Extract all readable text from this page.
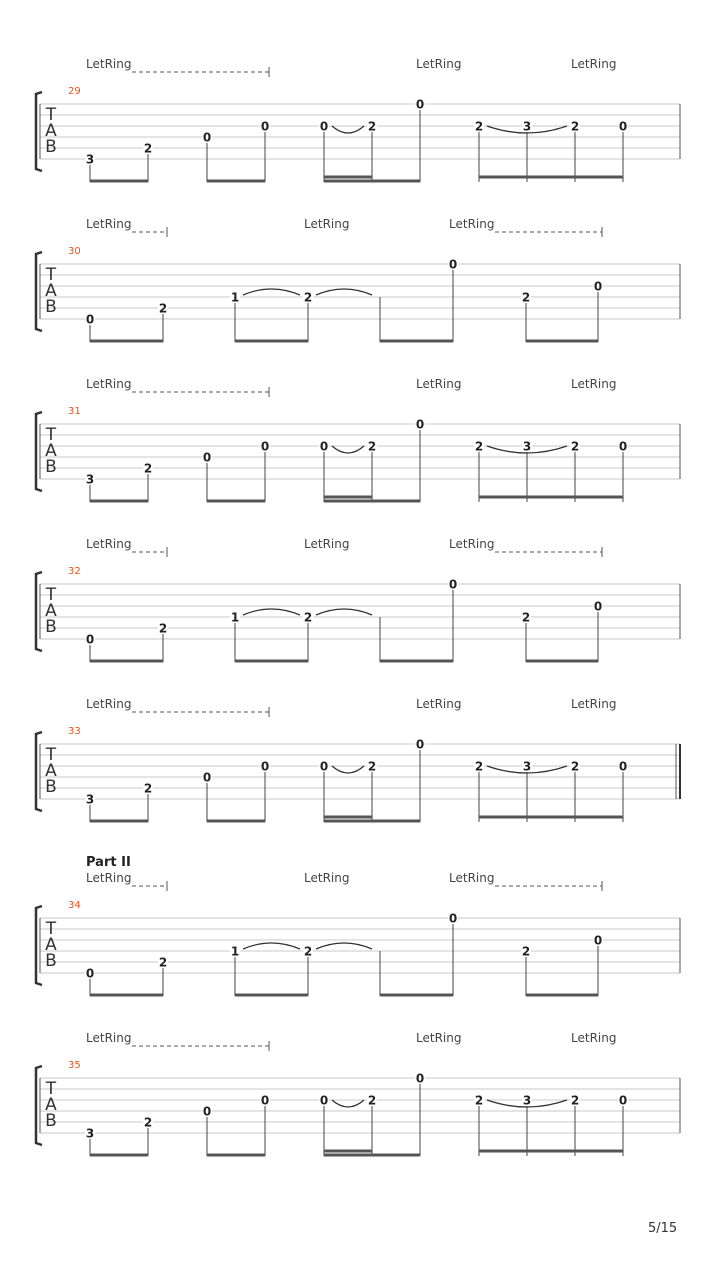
T
A
B
29
3
2
0
0	0	2
0
2	3	2	0
LetRing	LetRing	LetRing
T
A
B
30
0
2
1	2
0
2
0
LetRing	LetRing	LetRing
T
A
B
31
3
2
0
0	0	2
0
2	3	2	0
LetRing	LetRing	LetRing
T
A
B
32
0
2
1	2
0
2
0
LetRing	LetRing	LetRing
T
A
B
33
3
2
0
0	0	2
0
2	3	2	0
LetRing	LetRing	LetRing
T
A
B
34
Part II
0
2
1	2
0
2
0
LetRing	LetRing	LetRing
T
A
B
35
3
2
0
0	0	2
0
2	3	2	0
LetRing	LetRing	LetRing
5/15
